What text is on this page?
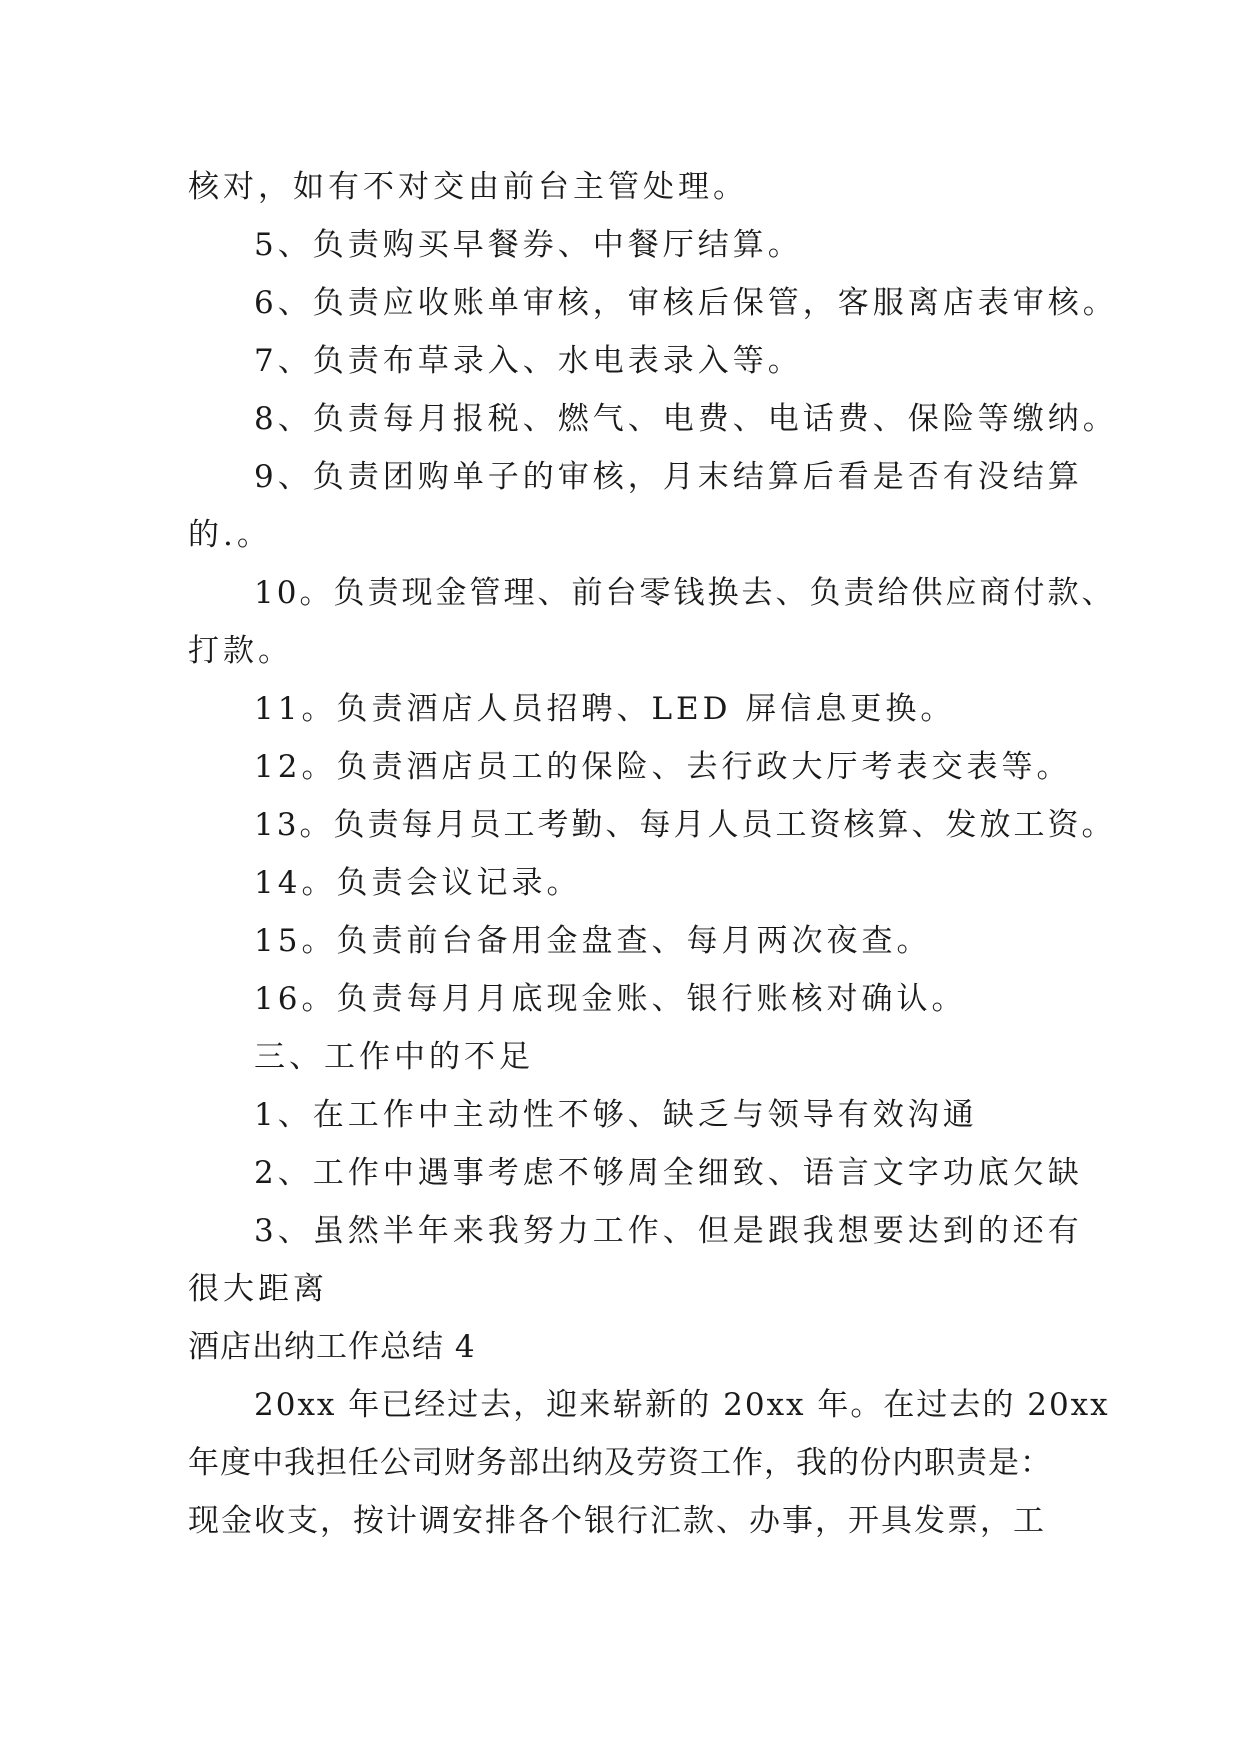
核对，如有不对交由前台主管处理。
5、负责购买早餐券、中餐厅结算。
6、负责应收账单审核，审核后保管，客服离店表审核。
7、负责布草录入、水电表录入等。
8、负责每月报税、燃气、电费、电话费、保险等缴纳。
9、负责团购单子的审核，月末结算后看是否有没结算
的.。
10。负责现金管理、前台零钱换去、负责给供应商付款、
打款。
11。负责酒店人员招聘、LED 屏信息更换。
12。负责酒店员工的保险、去行政大厅考表交表等。
13。负责每月员工考勤、每月人员工资核算、发放工资。
14。负责会议记录。
15。负责前台备用金盘查、每月两次夜查。
16。负责每月月底现金账、银行账核对确认。
三、工作中的不足
1、在工作中主动性不够、缺乏与领导有效沟通
2、工作中遇事考虑不够周全细致、语言文字功底欠缺
3、虽然半年来我努力工作、但是跟我想要达到的还有
很大距离
酒店出纳工作总结 4
20xx 年已经过去，迎来崭新的 20xx 年。在过去的 20xx
年度中我担任公司财务部出纳及劳资工作，我的份内职责是：
现金收支，按计调安排各个银行汇款、办事，开具发票，工
